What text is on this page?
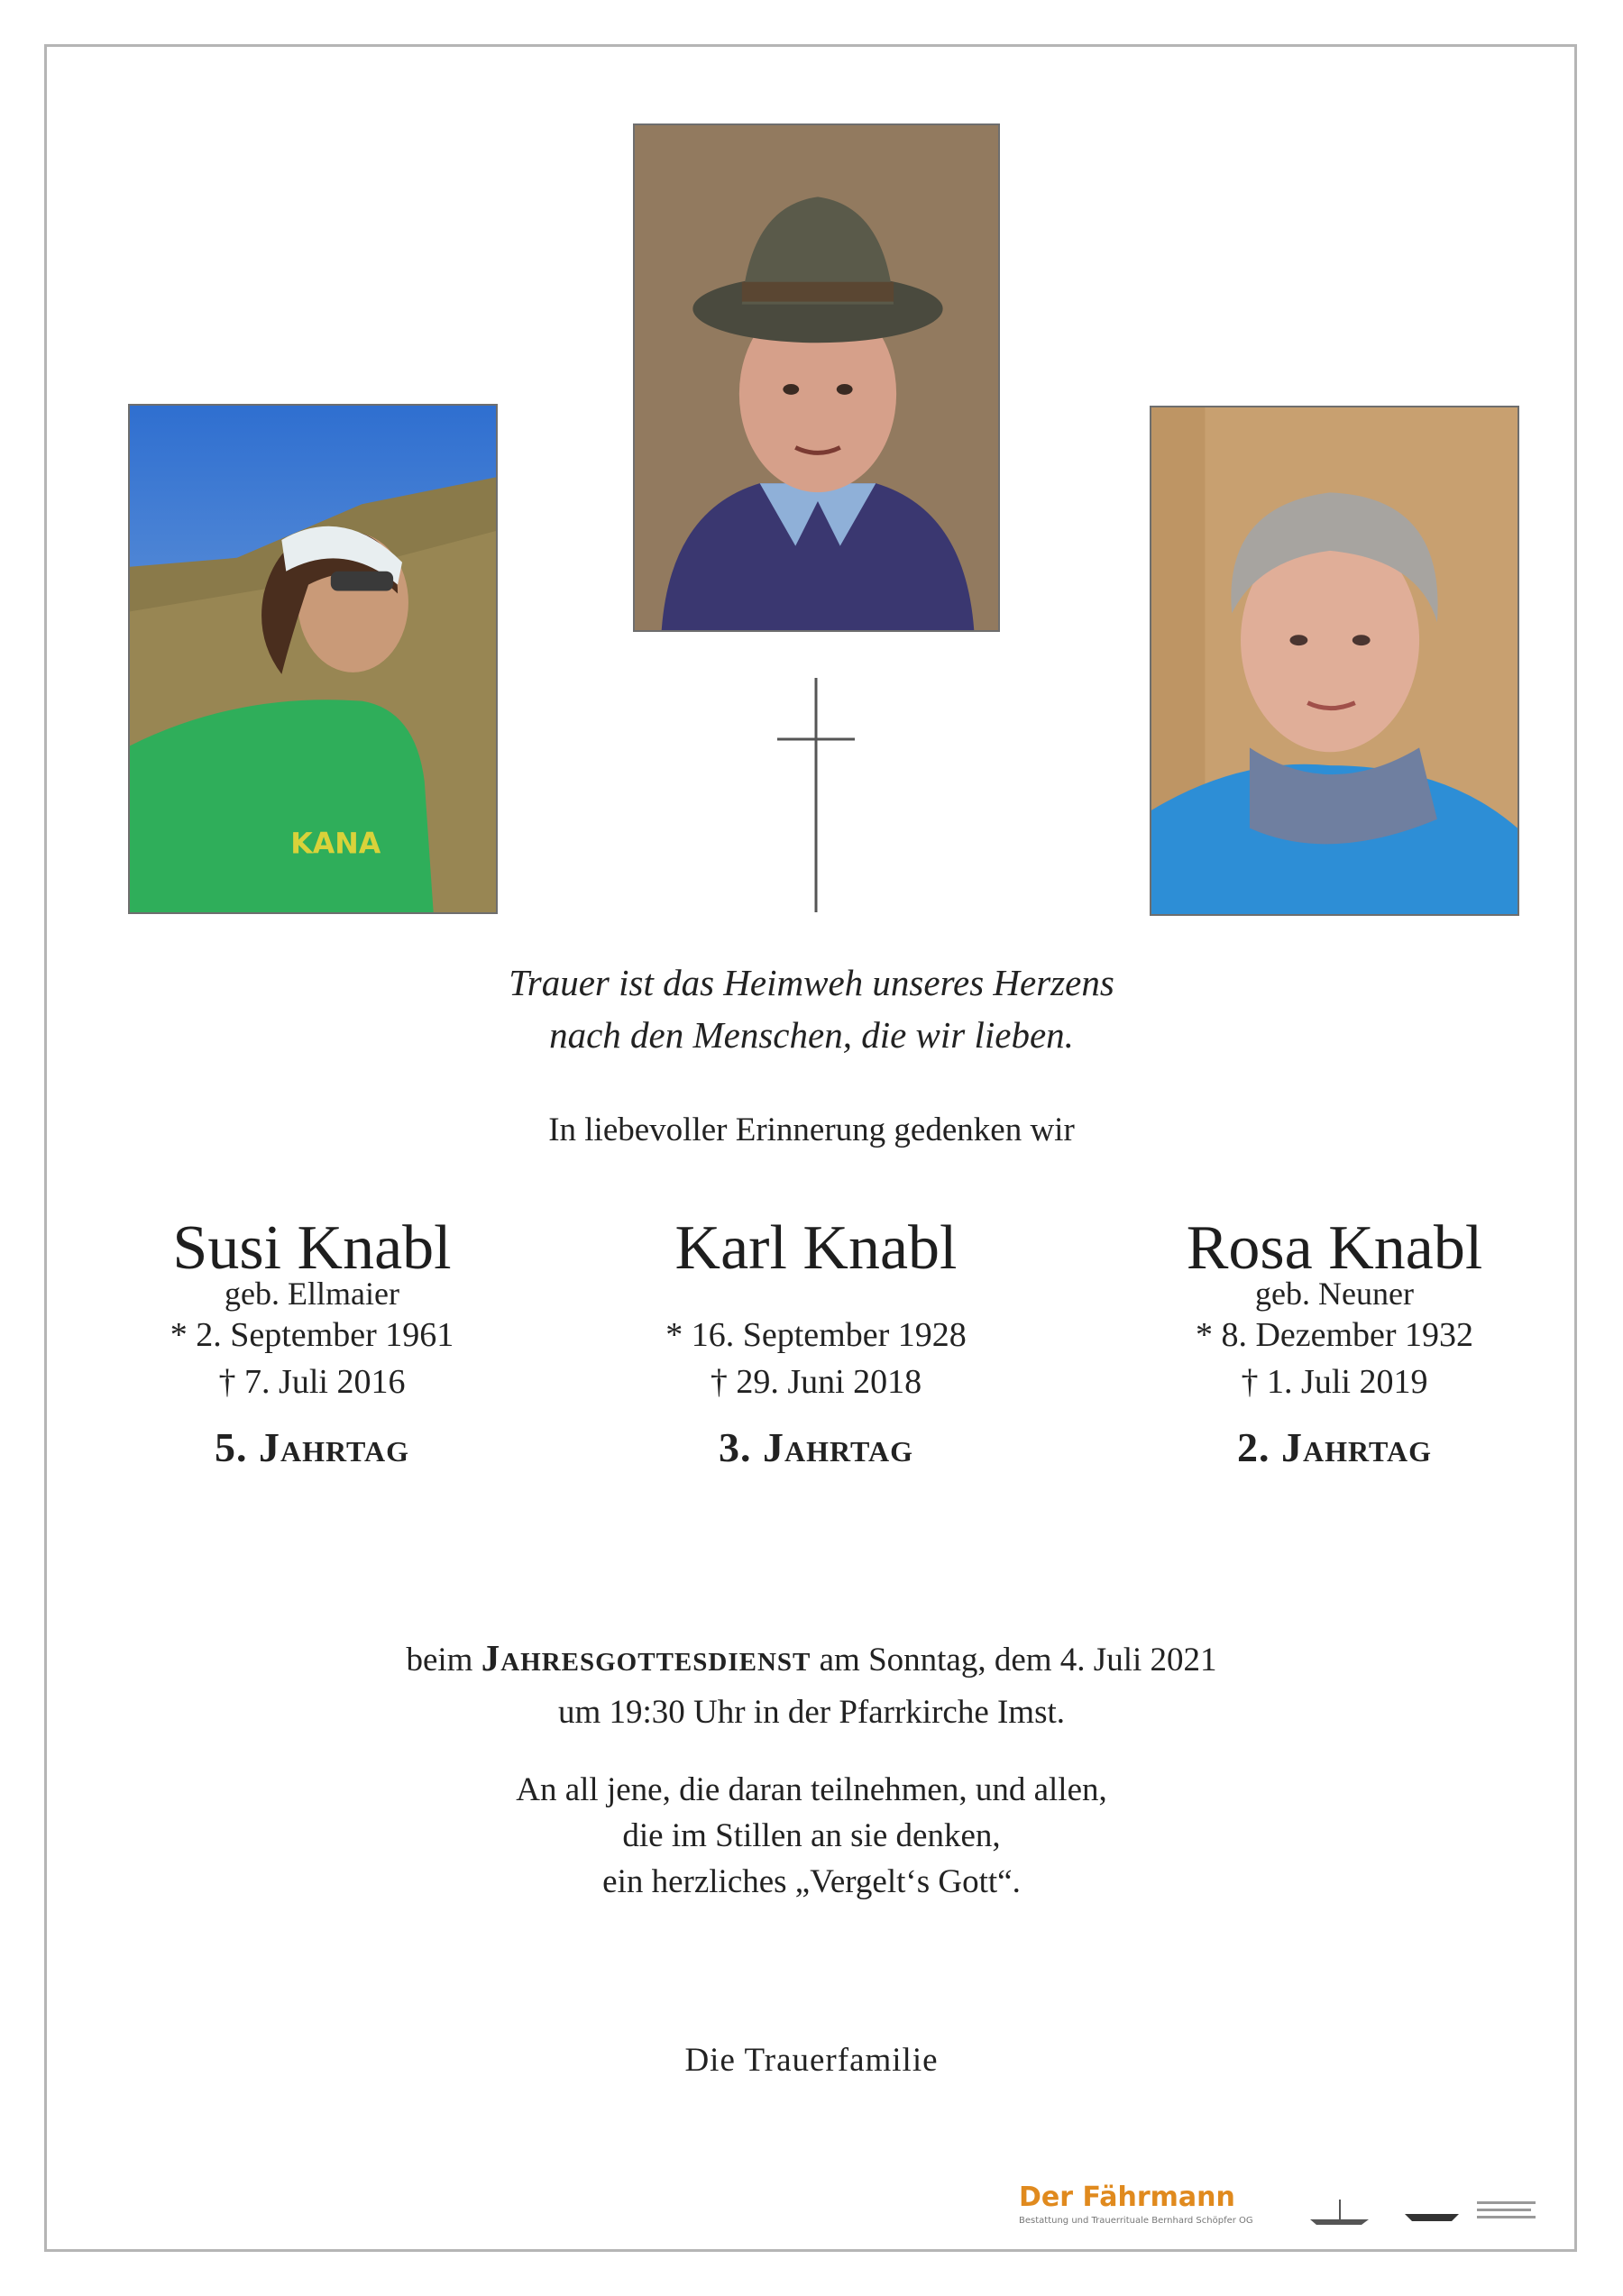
KANA
Trauer ist das Heimweh unseres Herzens
nach den Menschen, die wir lieben.
In liebevoller Erinnerung gedenken wir
Susi Knabl
geb. Ellmaier
* 2. September 1961
† 7. Juli 2016
5. Jahrtag
Karl Knabl
* 16. September 1928
† 29. Juni 2018
3. Jahrtag
Rosa Knabl
geb. Neuner
* 8. Dezember 1932
† 1. Juli 2019
2. Jahrtag
beim Jahresgottesdienst am Sonntag, dem 4. Juli 2021
um 19:30 Uhr in der Pfarrkirche Imst.
An all jene, die daran teilnehmen, und allen,
die im Stillen an sie denken,
ein herzliches „Vergelt‘s Gott“.
Die Trauerfamilie
Der Fährmann
Bestattung und Trauerrituale Bernhard Schöpfer OG
